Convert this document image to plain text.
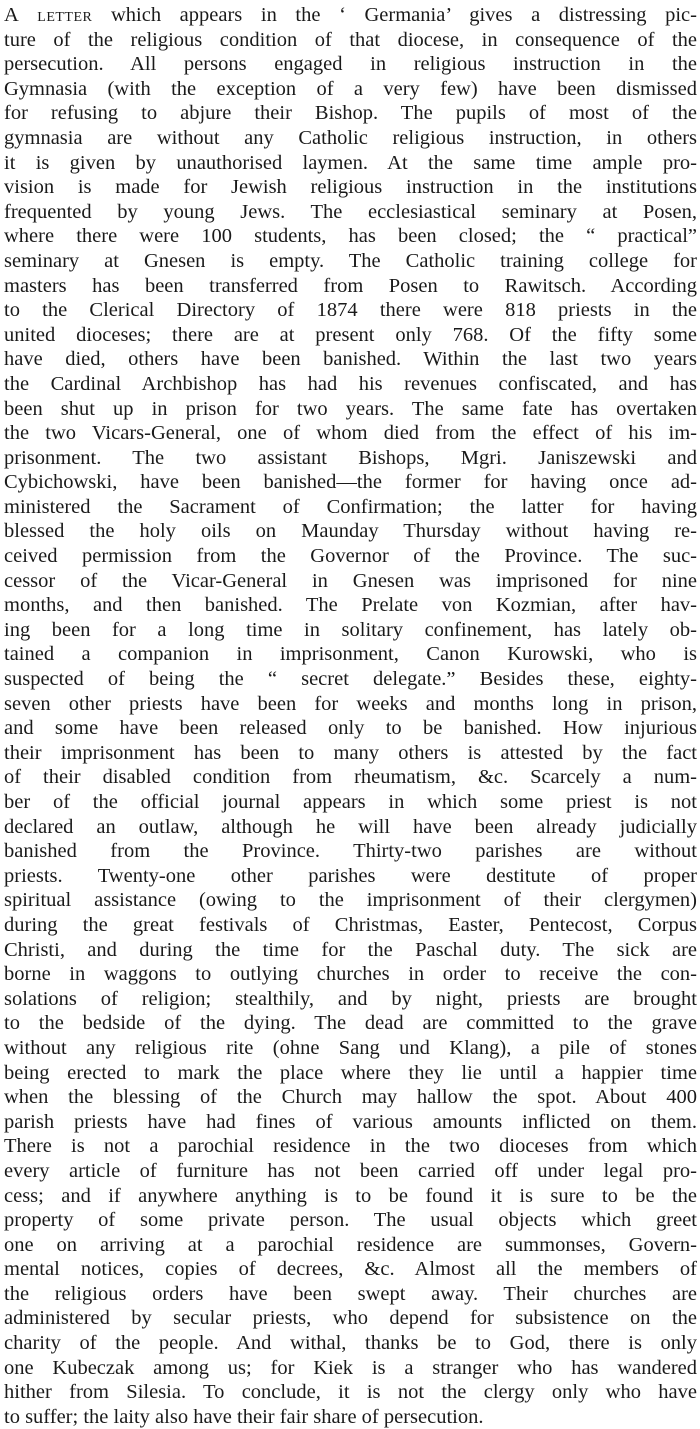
A letter which appears in the ‘ Germania’ gives a distressing pic-
ture of the religious condition of that diocese, in consequence of the
persecution. All persons engaged in religious instruction in the
Gymnasia (with the exception of a very few) have been dismissed
for refusing to abjure their Bishop. The pupils of most of the
gymnasia are without any Catholic religious instruction, in others
it is given by unauthorised laymen. At the same time ample pro-
vision is made for Jewish religious instruction in the institutions
frequented by young Jews. The ecclesiastical seminary at Posen,
where there were 100 students, has been closed; the “ practical”
seminary at Gnesen is empty. The Catholic training college for
masters has been transferred from Posen to Rawitsch. According
to the Clerical Directory of 1874 there were 818 priests in the
united dioceses; there are at present only 768. Of the fifty some
have died, others have been banished. Within the last two years
the Cardinal Archbishop has had his revenues confiscated, and has
been shut up in prison for two years. The same fate has overtaken
the two Vicars-General, one of whom died from the effect of his im-
prisonment. The two assistant Bishops, Mgri. Janiszewski and
Cybichowski, have been banished—the former for having once ad-
ministered the Sacrament of Confirmation; the latter for having
blessed the holy oils on Maunday Thursday without having re-
ceived permission from the Governor of the Province. The suc-
cessor of the Vicar-General in Gnesen was imprisoned for nine
months, and then banished. The Prelate von Kozmian, after hav-
ing been for a long time in solitary confinement, has lately ob-
tained a companion in imprisonment, Canon Kurowski, who is
suspected of being the “ secret delegate.” Besides these, eighty-
seven other priests have been for weeks and months long in prison,
and some have been released only to be banished. How injurious
their imprisonment has been to many others is attested by the fact
of their disabled condition from rheumatism, &c. Scarcely a num-
ber of the official journal appears in which some priest is not
declared an outlaw, although he will have been already judicially
banished from the Province. Thirty-two parishes are without
priests. Twenty-one other parishes were destitute of proper
spiritual assistance (owing to the imprisonment of their clergymen)
during the great festivals of Christmas, Easter, Pentecost, Corpus
Christi, and during the time for the Paschal duty. The sick are
borne in waggons to outlying churches in order to receive the con-
solations of religion; stealthily, and by night, priests are brought
to the bedside of the dying. The dead are committed to the grave
without any religious rite (ohne Sang und Klang), a pile of stones
being erected to mark the place where they lie until a happier time
when the blessing of the Church may hallow the spot. About 400
parish priests have had fines of various amounts inflicted on them.
There is not a parochial residence in the two dioceses from which
every article of furniture has not been carried off under legal pro-
cess; and if anywhere anything is to be found it is sure to be the
property of some private person. The usual objects which greet
one on arriving at a parochial residence are summonses, Govern-
mental notices, copies of decrees, &c. Almost all the members of
the religious orders have been swept away. Their churches are
administered by secular priests, who depend for subsistence on the
charity of the people. And withal, thanks be to God, there is only
one Kubeczak among us; for Kiek is a stranger who has wandered
hither from Silesia. To conclude, it is not the clergy only who have
to suffer; the laity also have their fair share of persecution.
